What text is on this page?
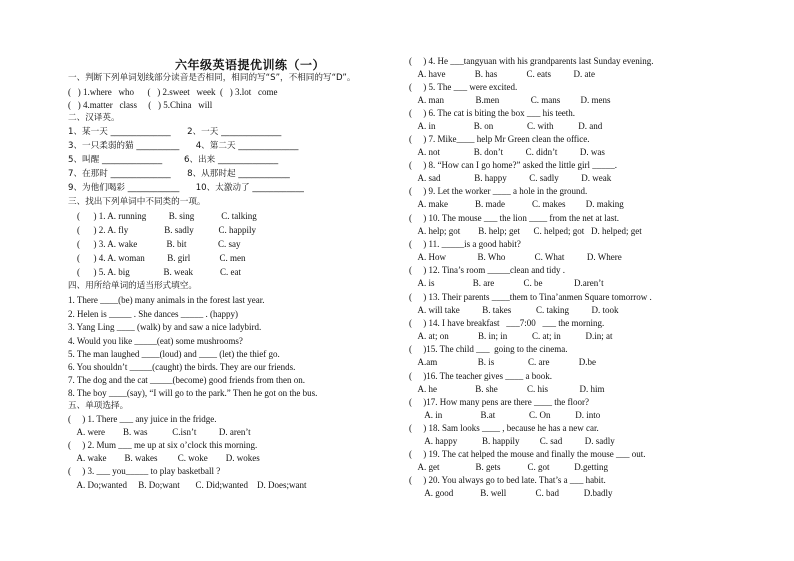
六年级英语提优训练（一）
一、判断下列单词划线部分读音是否相同，相同的写“S”，不相同的写“D”。
(   ) 1.where   who      (   ) 2.sweet   week  (   ) 3.lot   come
(   ) 4.matter   class     (   ) 5.China   will
二、汉译英。
1、某一天 ______________      2、一天 ______________
3、一只柔弱的猫 __________      4、第二天 ______________
5、叫醒 ______________        6、出来 ______________
7、在那时 ______________      8、从那时起 ____________
9、为他们喝彩 ____________      10、太激动了 ____________
三、找出下列单词中不同类的一项。
(      ) 1. A. running          B. sing            C. talking
(      ) 2. A. fly                B. sadly           C. happily
(      ) 3. A. wake             B. bit              C. say
(      ) 4. A. woman          B. girl             C. men
(      ) 5. A. big               B. weak            C. eat
四、用所给单词的适当形式填空。
1. There ____(be) many animals in the forest last year.
2. Helen is _____ . She dances _____ . (happy)
3. Yang Ling ____ (walk) by and saw a nice ladybird.
4. Would you like _____(eat) some mushrooms?
5. The man laughed ____(loud) and ____ (let) the thief go.
6. You shouldn’t _____(caught) the birds. They are our friends.
7. The dog and the cat _____(become) good friends from then on.
8. The boy ____(say), “I will go to the park.” Then he got on the bus.
五、单项选择。
(     ) 1. There ___ any juice in the fridge.
A. were        B. was           C.isn’t          D. aren’t
(     ) 2. Mum ___ me up at six o’clock this morning.
A. wake        B. wakes         C. woke        D. wokes
(     ) 3. ___ you_____ to play basketball ?
A. Do;wanted     B. Do;want       C. Did;wanted    D. Does;want
(     ) 4. He ___tangyuan with his grandparents last Sunday evening.
A. have             B. has             C. eats          D. ate
(     ) 5. The ___ were excited.
A. man              B.men              C. mans         D. mens
(     ) 6. The cat is biting the box ___ his teeth.
A. in                 B. on               C. with           D. and
(     ) 7. Mike____ help Mr Green clean the office.
A. not               B. don’t          C. didn’t          D. was
(     ) 8. “How can I go home?” asked the little girl _____.
A. sad               B. happy          C. sadly          D. weak
(     ) 9. Let the worker ____ a hole in the ground.
A. make            B. made            C. makes         D. making
(     ) 10. The mouse ___ the lion ____ from the net at last.
A. help; got        B. help; get      C. helped; got   D. helped; get
(     ) 11. _____is a good habit?
A. How              B. Who             C. What          D. Where
(     ) 12. Tina’s room _____clean and tidy .
A. is                 B. are             C. be              D.aren’t
(     ) 13. Their parents ____them to Tina’anmen Square tomorrow .
A. will take          B. takes           C. taking          D. took
(     ) 14. I have breakfast   ___7:00   ___ the morning.
A. at; on             B. in; in           C. at; in           D.in; at
(     )15. The child ___  going to the cinema.
A.am                  B. is               C. are             D.be
(     )16. The teacher gives ____ a book.
A. he                 B. she             C. his              D. him
(     )17. How many pens are there ____ the floor?
A. in                 B.at               C. On           D. into
(     ) 18. Sam looks ____ , because he has a new car.
A. happy           B. happily         C. sad          D. sadly
(     ) 19. The cat helped the mouse and finally the mouse ___ out.
A. get                B. gets            C. got           D.getting
(     ) 20. You always go to bed late. That’s a ___ habit.
A. good            B. well             C. bad           D.badly
